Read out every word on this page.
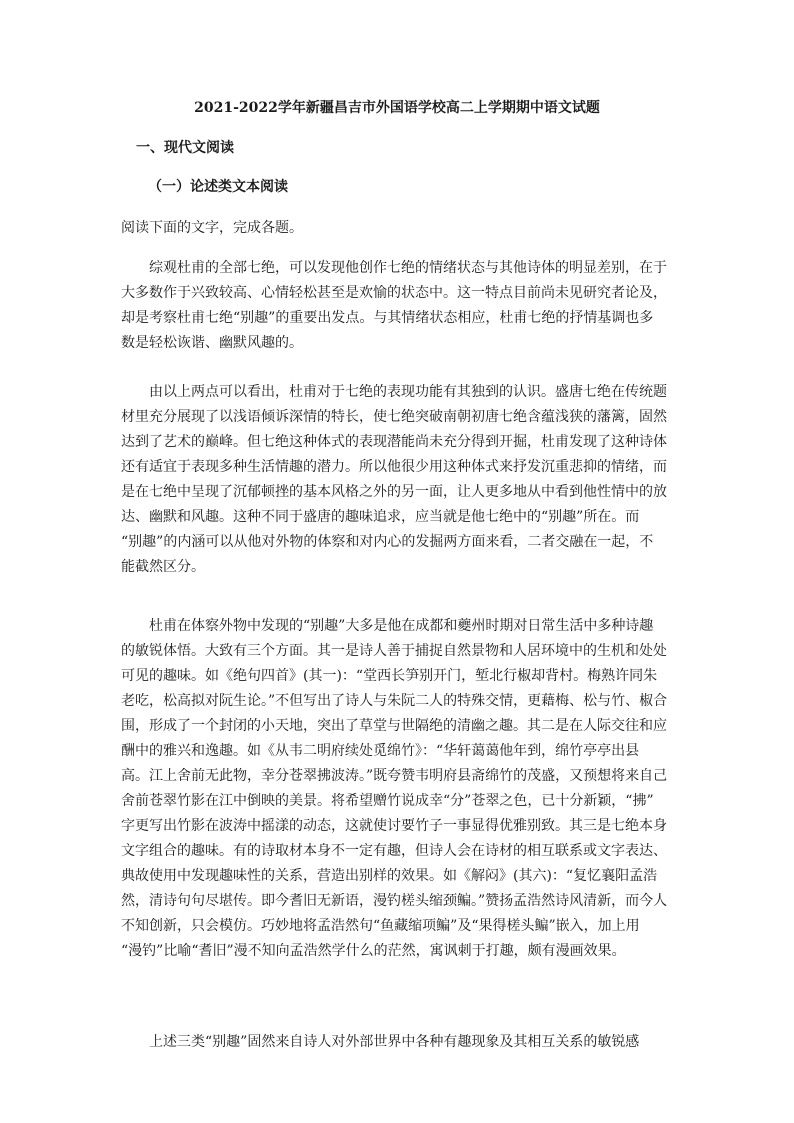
2021-2022学年新疆昌吉市外国语学校高二上学期期中语文试题
一、现代文阅读
（一）论述类文本阅读
阅读下面的文字，完成各题。
综观杜甫的全部七绝，可以发现他创作七绝的情绪状态与其他诗体的明显差别，在于
大多数作于兴致较高、心情轻松甚至是欢愉的状态中。这一特点目前尚未见研究者论及，
却是考察杜甫七绝“别趣”的重要出发点。与其情绪状态相应，杜甫七绝的抒情基调也多
数是轻松诙谐、幽默风趣的。
由以上两点可以看出，杜甫对于七绝的表现功能有其独到的认识。盛唐七绝在传统题
材里充分展现了以浅语倾诉深情的特长，使七绝突破南朝初唐七绝含蕴浅狭的藩篱，固然
达到了艺术的巅峰。但七绝这种体式的表现潜能尚未充分得到开掘，杜甫发现了这种诗体
还有适宜于表现多种生活情趣的潜力。所以他很少用这种体式来抒发沉重悲抑的情绪，而
是在七绝中呈现了沉郁顿挫的基本风格之外的另一面，让人更多地从中看到他性情中的放
达、幽默和风趣。这种不同于盛唐的趣味追求，应当就是他七绝中的“别趣”所在。而
“别趣”的内涵可以从他对外物的体察和对内心的发掘两方面来看，二者交融在一起，不
能截然区分。
杜甫在体察外物中发现的“别趣”大多是他在成都和夔州时期对日常生活中多种诗趣
的敏锐体悟。大致有三个方面。其一是诗人善于捕捉自然景物和人居环境中的生机和处处
可见的趣味。如《绝句四首》(其一)：“堂西长笋别开门，堑北行椒却背村。梅熟许同朱
老吃，松高拟对阮生论。”不但写出了诗人与朱阮二人的特殊交情，更藉梅、松与竹、椒合
围，形成了一个封闭的小天地，突出了草堂与世隔绝的清幽之趣。其二是在人际交往和应
酬中的雅兴和逸趣。如《从韦二明府续处觅绵竹》：“华轩蔼蔼他年到，绵竹亭亭出县
高。江上舍前无此物，幸分苍翠拂波涛。”既夸赞韦明府县斋绵竹的茂盛，又预想将来自己
舍前苍翠竹影在江中倒映的美景。将希望赠竹说成幸“分”苍翠之色，已十分新颖，“拂”
字更写出竹影在波涛中摇漾的动态，这就使讨要竹子一事显得优雅别致。其三是七绝本身
文字组合的趣味。有的诗取材本身不一定有趣，但诗人会在诗材的相互联系或文字表达、
典故使用中发现趣味性的关系，营造出别样的效果。如《解闷》(其六)：“复忆襄阳孟浩
然，清诗句句尽堪传。即今耆旧无新语，漫钓槎头缩颈鳊。”赞扬孟浩然诗风清新，而今人
不知创新，只会模仿。巧妙地将孟浩然句“鱼藏缩项鳊”及“果得槎头鳊”嵌入，加上用
“漫钓”比喻“耆旧”漫不知向孟浩然学什么的茫然，寓讽刺于打趣，颇有漫画效果。
上述三类“别趣”固然来自诗人对外部世界中各种有趣现象及其相互关系的敏锐感
